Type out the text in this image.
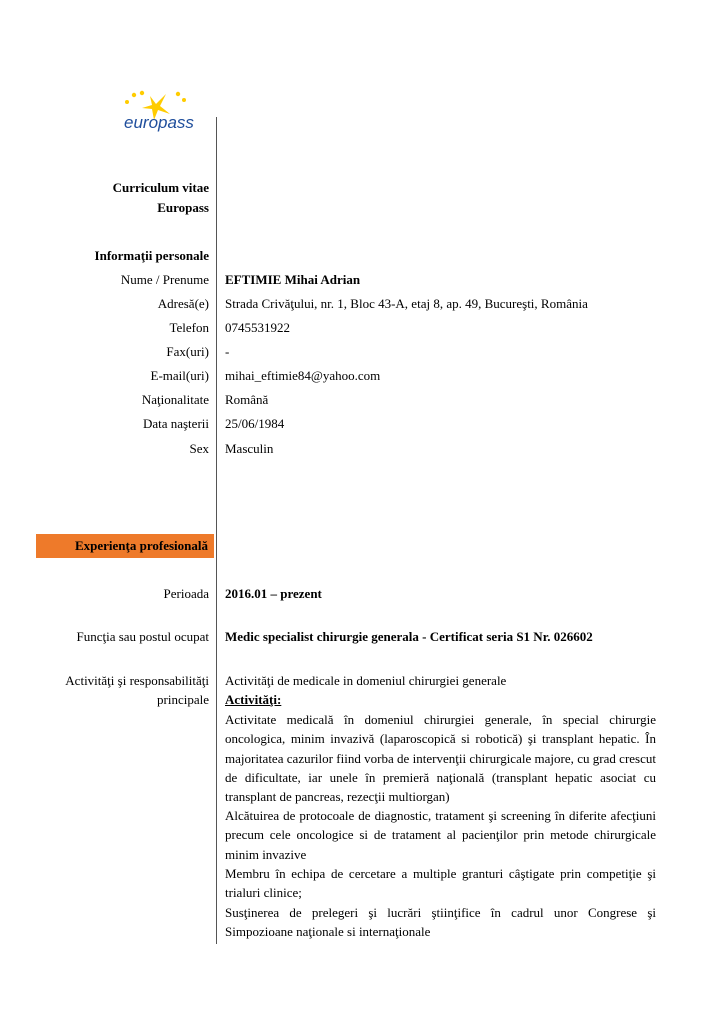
europass
Curriculum vitae
Europass
Informaţii personale
Nume / Prenume EFTIMIE Mihai Adrian
Adresă(e) Strada Crivăţului, nr. 1, Bloc 43-A, etaj 8, ap. 49, Bucureşti, România
Telefon 0745531922
Fax(uri) -
E-mail(uri) mihai_eftimie84@yahoo.com
Naţionalitate Română
Data naşterii 25/06/1984
Sex Masculin
Experienţa profesională
Perioada 2016.01 – prezent
Funcţia sau postul ocupat Medic specialist chirurgie generala - Certificat seria S1 Nr. 026602
Activităţi şi responsabilităţi
principale
Activităţi de medicale in domeniul chirurgiei generale
Activităţi:
Activitate medicală în domeniul chirurgiei generale, în special chirurgie oncologica, minim invazivă (laparoscopică si robotică) şi transplant hepatic. În majoritatea cazurilor fiind vorba de intervenţii chirurgicale majore, cu grad crescut de dificultate, iar unele în premieră naţională (transplant hepatic asociat cu transplant de pancreas, rezecţii multiorgan)
Alcătuirea de protocoale de diagnostic, tratament şi screening în diferite afecţiuni precum cele oncologice si de tratament al pacienţilor prin metode chirurgicale minim invazive
Membru în echipa de cercetare a multiple granturi câştigate prin competiţie şi trialuri clinice;
Susţinerea de prelegeri şi lucrări ştiinţifice în cadrul unor Congrese şi Simpozioane naţionale si internaţionale
